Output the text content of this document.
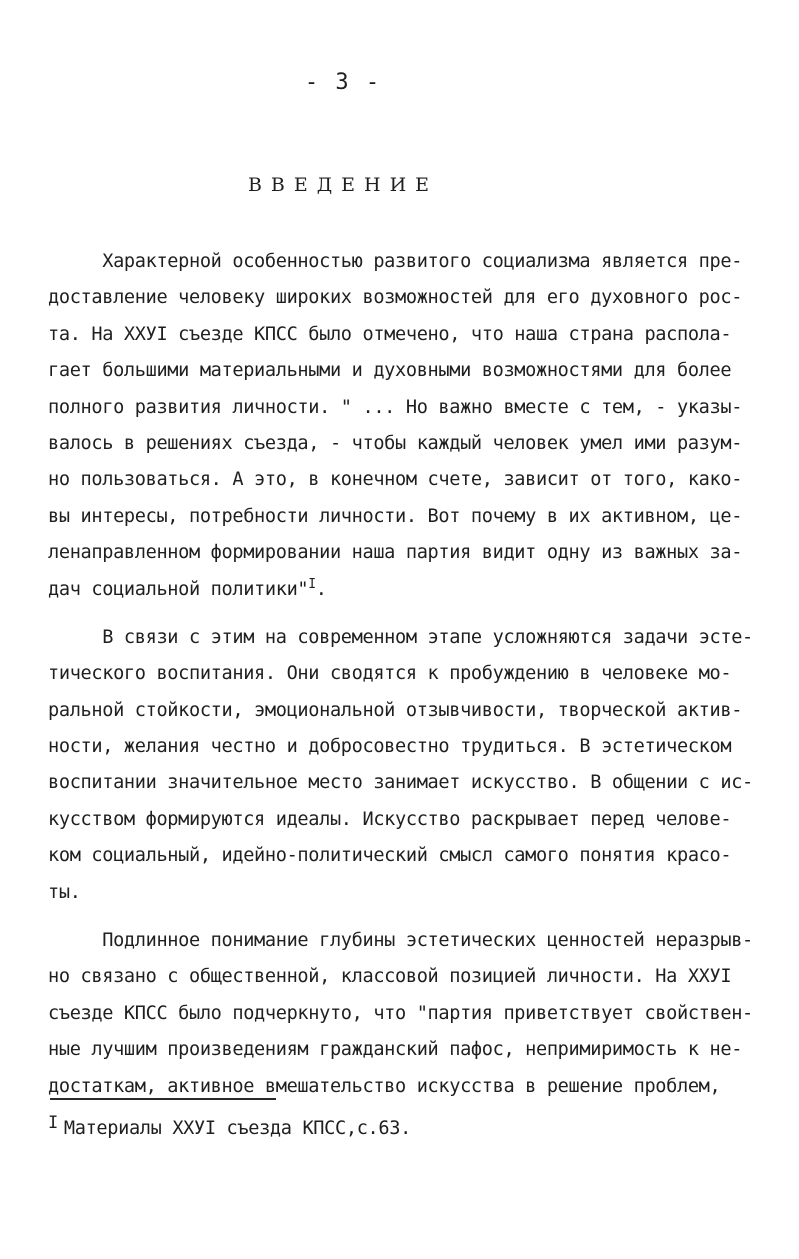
- 3 -
ВВЕДЕНИЕ
Характерной особенностью развитого социализма является пре-
доставление человеку широких возможностей для его духовного рос-
та. На ХХУI съезде КПСС было отмечено, что наша страна распола-
гает большими материальными и духовными возможностями для более
полного развития личности. " ... Но важно вместе с тем, - указы-
валось в решениях съезда, - чтобы каждый человек умел ими разум-
но пользоваться. А это, в конечном счете, зависит от того, како-
вы интересы, потребности личности. Вот почему в их активном, це-
ленаправленном формировании наша партия видит одну из важных за-
дач социальной политики"$^I$.
В связи с этим на современном этапе усложняются задачи эсте-
тического воспитания. Они сводятся к пробуждению в человеке мо-
ральной стойкости, эмоциональной отзывчивости, творческой актив-
ности, желания честно и добросовестно трудиться. В эстетическом
воспитании значительное место занимает искусство. В общении с ис-
кусством формируются идеалы. Искусство раскрывает перед челове-
ком социальный, идейно-политический смысл самого понятия красо-
ты.
Подлинное понимание глубины эстетических ценностей неразрыв-
но связано с общественной, классовой позицией личности. На ХХУI
съезде КПСС было подчеркнуто, что "партия приветствует свойствен-
ные лучшим произведениям гражданский пафос, непримиримость к не-
достаткам, активное вмешательство искусства в решение проблем,
I Материалы ХХУI съезда КПСС,с.63.
